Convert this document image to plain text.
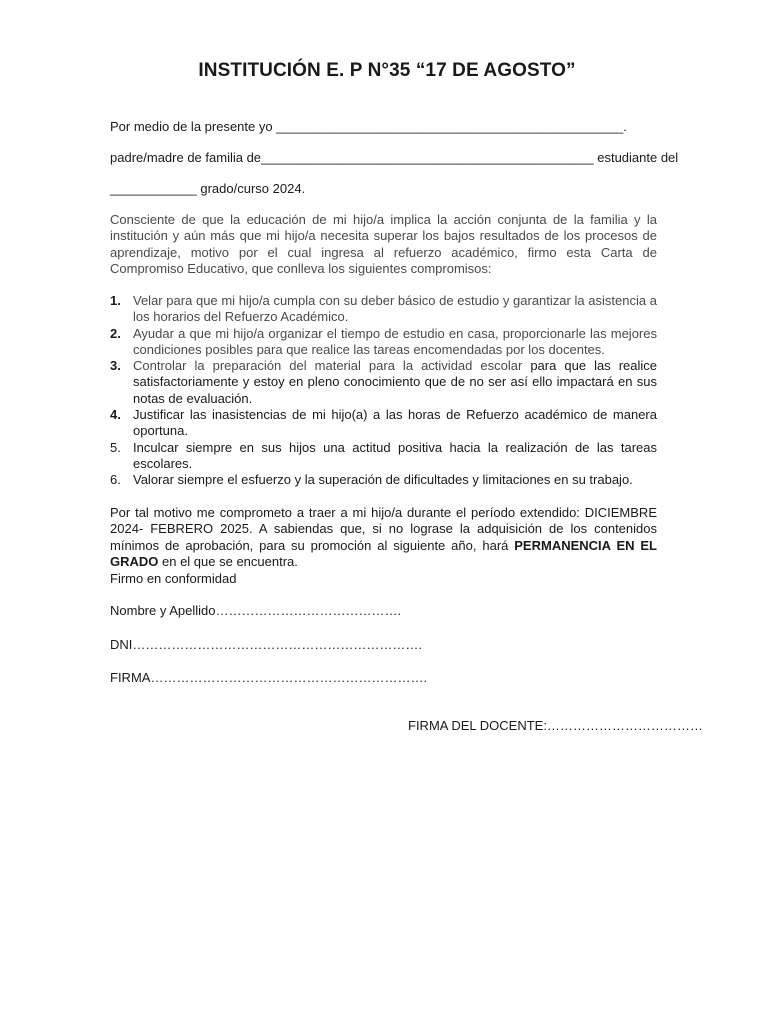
INSTITUCIÓN E. P N°35 “17 DE AGOSTO”
Por medio de la presente yo ________________________________________________.
padre/madre de familia de______________________________________________ estudiante del
____________ grado/curso 2024.
Consciente de que la educación de mi hijo/a implica la acción conjunta de la familia y la institución y aún más que mi hijo/a necesita superar los bajos resultados de los procesos de aprendizaje, motivo por el cual ingresa al refuerzo académico, firmo esta Carta de Compromiso Educativo, que conlleva los siguientes compromisos:
1. Velar para que mi hijo/a cumpla con su deber básico de estudio y garantizar la asistencia a los horarios del Refuerzo Académico.
2. Ayudar a que mi hijo/a organizar el tiempo de estudio en casa, proporcionarle las mejores condiciones posibles para que realice las tareas encomendadas por los docentes.
3. Controlar la preparación del material para la actividad escolar para que las realice satisfactoriamente y estoy en pleno conocimiento que de no ser así ello impactará en sus notas de evaluación.
4. Justificar las inasistencias de mi hijo(a) a las horas de Refuerzo académico de manera oportuna.
5. Inculcar siempre en sus hijos una actitud positiva hacia la realización de las tareas escolares.
6. Valorar siempre el esfuerzo y la superación de dificultades y limitaciones en su trabajo.
Por tal motivo me comprometo a traer a mi hijo/a durante el período extendido: DICIEMBRE 2024- FEBRERO 2025. A sabiendas que, si no lograse la adquisición de los contenidos mínimos de aprobación, para su promoción al siguiente año, hará PERMANENCIA EN EL GRADO en el que se encuentra.
Firmo en conformidad
Nombre y Apellido…………………………………….
DNI………………………………………………………….
FIRMA……………………………………………………….
FIRMA DEL DOCENTE:………………………………
